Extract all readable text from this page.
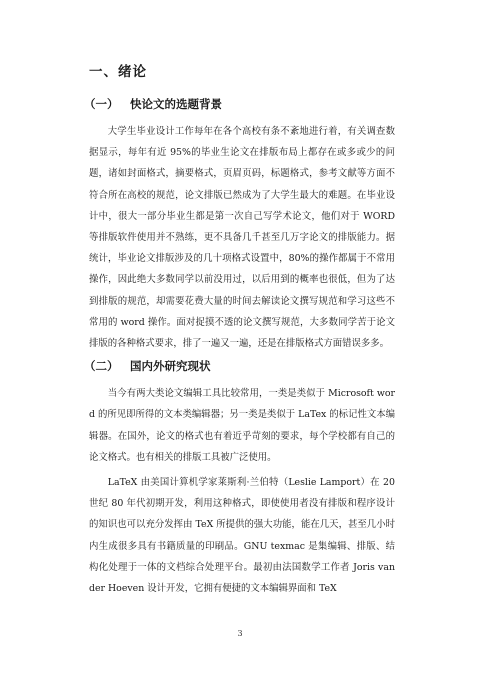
一、绪论
（一） 快论文的选题背景

大学生毕业设计工作每年在各个高校有条不紊地进行着，有关调查数据显示，每年有近 95%的毕业生论文在排版布局上都存在或多或少的问题，诸如封面格式，摘要格式，页眉页码，标题格式，参考文献等方面不符合所在高校的规范，论文排版已然成为了大学生最大的难题。在毕业设计中，很大一部分毕业生都是第一次自己写学术论文，他们对于 WORD 等排版软件使用并不熟练，更不具备几千甚至几万字论文的排版能力。据统计，毕业论文排版涉及的几十项格式设置中，80%的操作都属于不常用操作，因此绝大多数同学以前没用过，以后用到的概率也很低，但为了达到排版的规范，却需要花费大量的时间去解读论文撰写规范和学习这些不常用的 word 操作。面对捉摸不透的论文撰写规范，大多数同学苦于论文排版的各种格式要求，排了一遍又一遍，还是在排版格式方面错误多多。

（二） 国内外研究现状

当今有两大类论文编辑工具比较常用，一类是类似于 Microsoft word 的所见即所得的文本类编辑器；另一类是类似于 LaTex 的标记性文本编辑器。在国外，论文的格式也有着近乎苛刻的要求，每个学校都有自己的论文格式。也有相关的排版工具被广泛使用。

LaTeX 由美国计算机学家莱斯利·兰伯特（Leslie Lamport）在 20 世纪 80 年代初期开发，利用这种格式，即使使用者没有排版和程序设计的知识也可以充分发挥由 TeX 所提供的强大功能，能在几天，甚至几小时内生成很多具有书籍质量的印刷品。GNU texmac 是集编辑、排版、结构化处理于一体的文档综合处理平台。最初由法国数学工作者 Joris van der Hoeven 设计开发，它拥有便捷的文本编辑界面和 TeX

3
